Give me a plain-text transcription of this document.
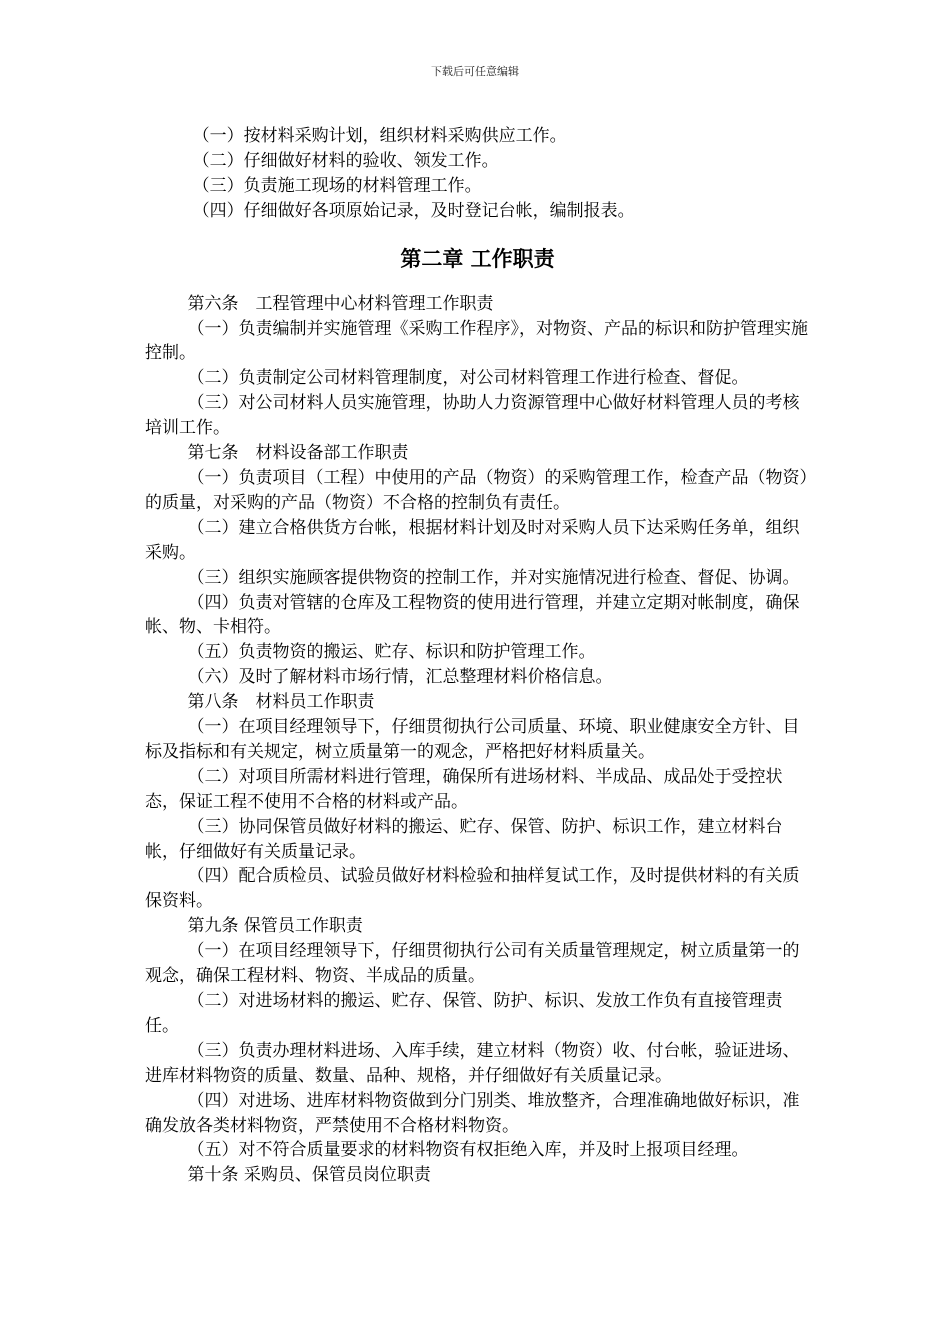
下载后可任意编辑

（一）按材料采购计划，组织材料采购供应工作。

（二）仔细做好材料的验收、领发工作。

（三）负责施工现场的材料管理工作。

（四）仔细做好各项原始记录，及时登记台帐，编制报表。

第二章 工作职责

第六条　工程管理中心材料管理工作职责

（一）负责编制并实施管理《采购工作程序》，对物资、产品的标识和防护管理实施控制。

（二）负责制定公司材料管理制度，对公司材料管理工作进行检查、督促。

（三）对公司材料人员实施管理，协助人力资源管理中心做好材料管理人员的考核培训工作。

第七条　材料设备部工作职责

（一）负责项目（工程）中使用的产品（物资）的采购管理工作，检查产品（物资）的质量，对采购的产品（物资）不合格的控制负有责任。

（二）建立合格供货方台帐，根据材料计划及时对采购人员下达采购任务单，组织采购。

（三）组织实施顾客提供物资的控制工作，并对实施情况进行检查、督促、协调。

（四）负责对管辖的仓库及工程物资的使用进行管理，并建立定期对帐制度，确保帐、物、卡相符。

（五）负责物资的搬运、贮存、标识和防护管理工作。

（六）及时了解材料市场行情，汇总整理材料价格信息。

第八条　材料员工作职责

（一）在项目经理领导下，仔细贯彻执行公司质量、环境、职业健康安全方针、目标及指标和有关规定，树立质量第一的观念，严格把好材料质量关。

（二）对项目所需材料进行管理，确保所有进场材料、半成品、成品处于受控状态，保证工程不使用不合格的材料或产品。

（三）协同保管员做好材料的搬运、贮存、保管、防护、标识工作，建立材料台帐，仔细做好有关质量记录。

（四）配合质检员、试验员做好材料检验和抽样复试工作，及时提供材料的有关质保资料。

第九条 保管员工作职责

（一）在项目经理领导下，仔细贯彻执行公司有关质量管理规定，树立质量第一的观念，确保工程材料、物资、半成品的质量。

（二）对进场材料的搬运、贮存、保管、防护、标识、发放工作负有直接管理责任。

（三）负责办理材料进场、入库手续，建立材料（物资）收、付台帐，验证进场、进库材料物资的质量、数量、品种、规格，并仔细做好有关质量记录。

（四）对进场、进库材料物资做到分门别类、堆放整齐，合理准确地做好标识，准确发放各类材料物资，严禁使用不合格材料物资。

（五）对不符合质量要求的材料物资有权拒绝入库，并及时上报项目经理。

第十条 采购员、保管员岗位职责
